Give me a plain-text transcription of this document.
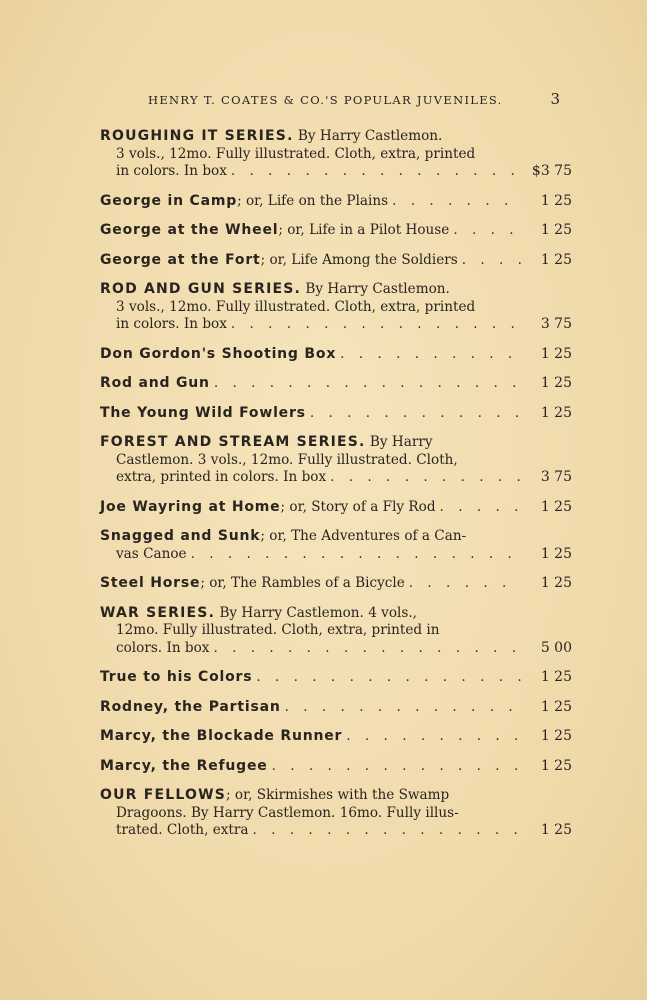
HENRY T. COATES & CO.'S POPULAR JUVENILES.	3
ROUGHING IT SERIES.
By Harry Castlemon.
3 vols., 12mo. Fully illustrated. Cloth, extra, printed
in colors. In box . . .	$3 75
George in Camp ; or, Life on the Plains . . .	1 25
George at the Wheel ; or, Life in a Pilot House . . .	1 25
George at the Fort ; or, Life Among the Soldiers . . .	1 25
ROD AND GUN SERIES.
By Harry Castlemon.
3 vols., 12mo. Fully illustrated. Cloth, extra, printed
in colors. In box . . .	3 75
Don Gordon's Shooting Box . . .	1 25
Rod and Gun . . .	1 25
The Young Wild Fowlers . . .	1 25
FOREST AND STREAM SERIES.
By Harry
Castlemon. 3 vols., 12mo. Fully illustrated. Cloth,
extra, printed in colors. In box . . .	3 75
Joe Wayring at Home ; or, Story of a Fly Rod . . .	1 25
Snagged and Sunk ; or, The Adventures of a Can-
vas Canoe . . .	1 25
Steel Horse ; or, The Rambles of a Bicycle . . .	1 25
WAR SERIES.
By Harry Castlemon. 4 vols.,
12mo. Fully illustrated. Cloth, extra, printed in
colors. In box . . .	5 00
True to his Colors . . .	1 25
Rodney, the Partisan . . .	1 25
Marcy, the Blockade Runner . . .	1 25
Marcy, the Refugee . . .	1 25
OUR FELLOWS ; or, Skirmishes with the Swamp
Dragoons. By Harry Castlemon. 16mo. Fully illus-
trated. Cloth, extra . . .	1 25
